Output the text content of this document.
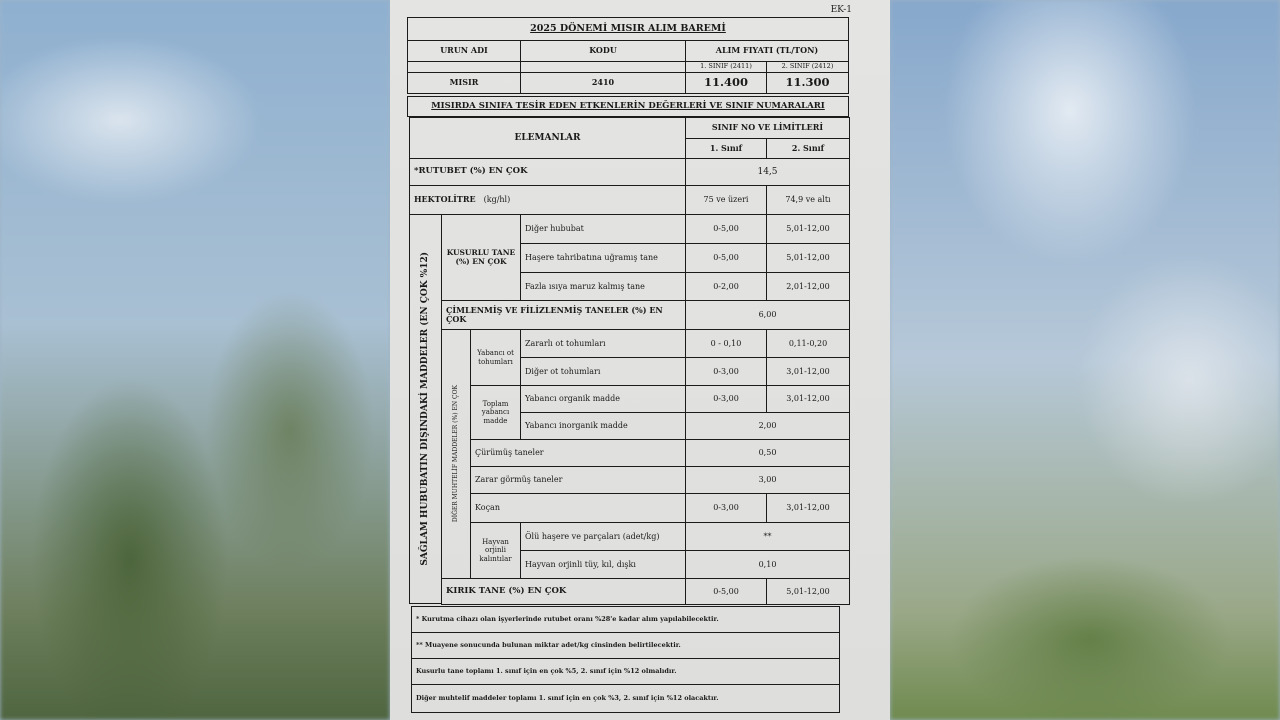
EK-1
2025 DÖNEMİ MISIR ALIM BAREMİ
URUN ADI	KODU	ALIM FIYATI (TL/TON)
1. SINIF (2411)	2. SINIF (2412)
MISIR	2410	11.400	11.300
MISIRDA SINIFA TESİR EDEN ETKENLERİN DEĞERLERİ VE SINIF NUMARALARI
ELEMANLAR
SINIF NO VE LİMİTLERİ
1. Sınıf	2. Sınıf
*RUTUBET (%) EN ÇOK	14,5
HEKTOLİTRE (kg/hl)	75 ve üzeri	74,9 ve altı
SAĞLAM HUBUBATIN DIŞINDAKİ MADDELER (EN ÇOK %12)	KUSURLU TANE (%) EN ÇOK
Diğer hububat	0-5,00	5,01-12,00
Haşere tahribatına uğramış tane	0-5,00	5,01-12,00
Fazla ısıya maruz kalmış tane	0-2,00	2,01-12,00
ÇİMLENMİŞ VE FİLİZLENMİŞ TANELER (%) EN ÇOK	6,00
DİĞER MUHTELİF MADDELER (%) EN ÇOK
Yabancı ot tohumları
Zararlı ot tohumları	0 - 0,10	0,11-0,20
Diğer ot tohumları	0-3,00	3,01-12,00
Toplam yabancı madde
Yabancı organik madde	0-3,00	3,01-12,00
Yabancı inorganik madde	2,00
Çürümüş taneler	0,50
Zarar görmüş taneler	3,00
Koçan	0-3,00	3,01-12,00
Hayvan orjinli kalıntılar
Ölü haşere ve parçaları (adet/kg)	**
Hayvan orjinli tüy, kıl, dışkı	0,10
KIRIK TANE (%) EN ÇOK	0-5,00	5,01-12,00
* Kurutma cihazı olan işyerlerinde rutubet oranı %28'e kadar alım yapılabilecektir.
** Muayene sonucunda bulunan miktar adet/kg cinsinden belirtilecektir.
Kusurlu tane toplamı 1. sınıf için en çok %5, 2. sınıf için %12 olmalıdır.
Diğer muhtelif maddeler toplamı 1. sınıf için en çok %3, 2. sınıf için %12 olacaktır.
